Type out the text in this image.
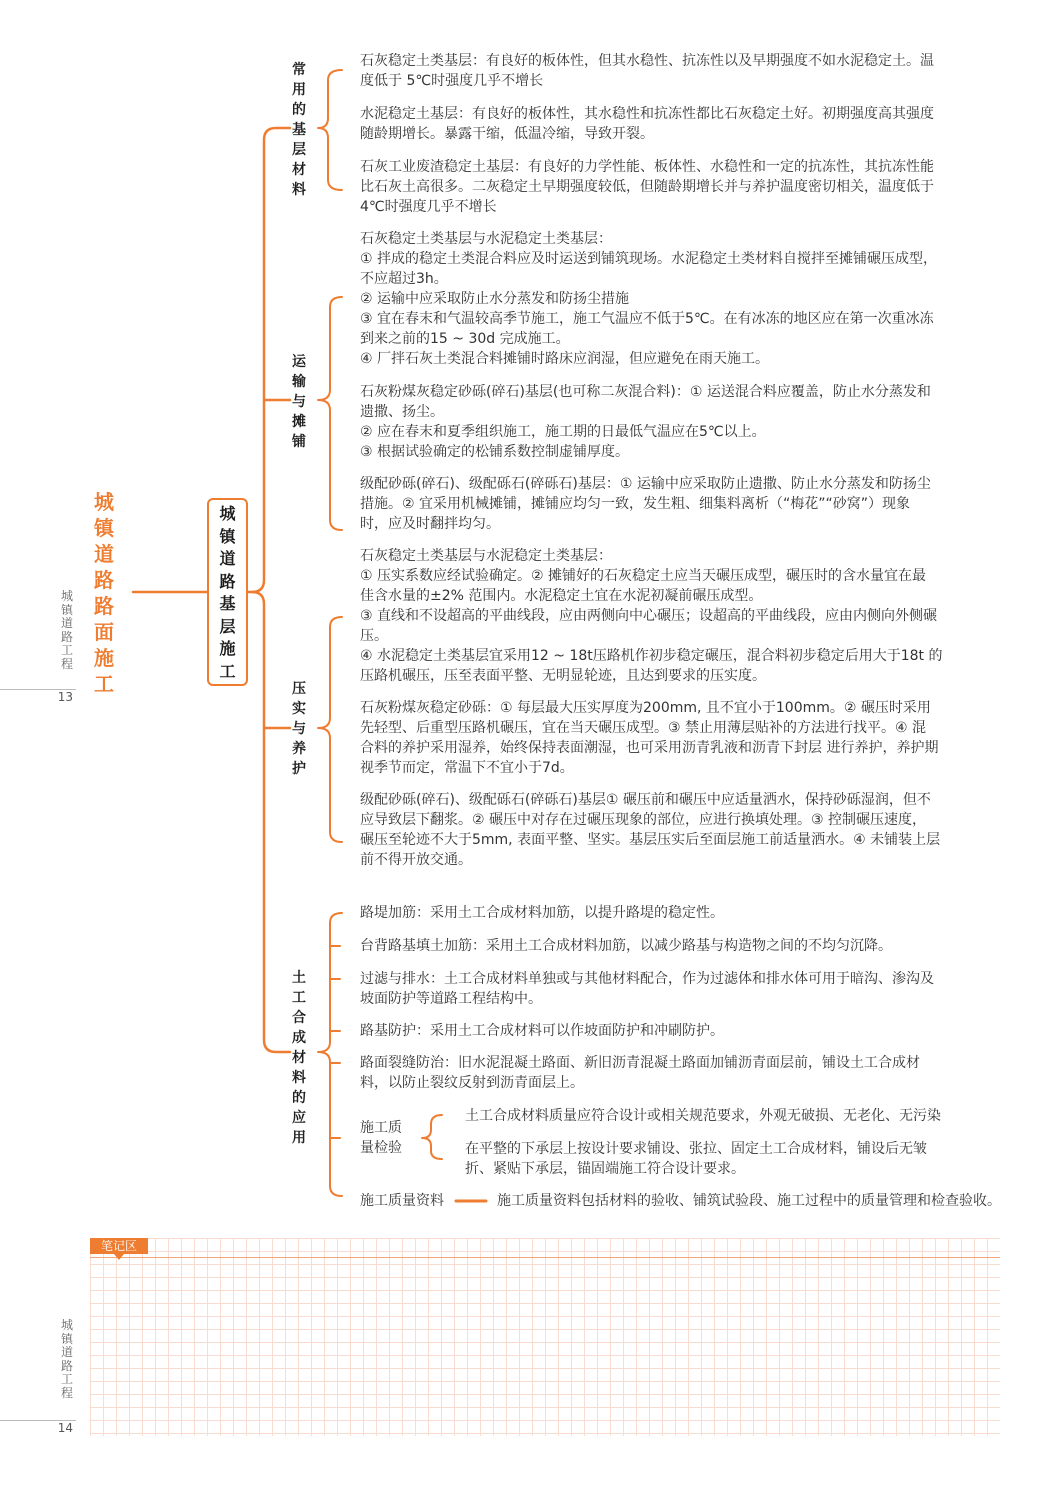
城镇道路工程
13
城镇道路工程
14
城镇道路路面施工
城镇道路基层施工
常用的基层材料
运输与摊铺
压实与养护
土工合成材料的应用
石灰稳定土类基层：有良好的板体性，但其水稳性、抗冻性以及早期强度不如水泥稳定土。温
度低于 5℃时强度几乎不增长
水泥稳定土基层：有良好的板体性，其水稳性和抗冻性都比石灰稳定土好。初期强度高其强度
随龄期增长。暴露干缩，低温冷缩，导致开裂。
石灰工业废渣稳定土基层：有良好的力学性能、板体性、水稳性和一定的抗冻性，其抗冻性能
比石灰土高很多。二灰稳定土早期强度较低，但随龄期增长并与养护温度密切相关，温度低于
4℃时强度几乎不增长
石灰稳定土类基层与水泥稳定土类基层：
① 拌成的稳定土类混合料应及时运送到铺筑现场。水泥稳定土类材料自搅拌至摊铺碾压成型，
不应超过3h。
② 运输中应采取防止水分蒸发和防扬尘措施
③ 宜在春末和气温较高季节施工，施工气温应不低于5℃。在有冰冻的地区应在第一次重冰冻
到来之前的15 ~ 30d 完成施工。
④ 厂拌石灰土类混合料摊铺时路床应润湿，但应避免在雨天施工。
石灰粉煤灰稳定砂砾(碎石)基层(也可称二灰混合料)：① 运送混合料应覆盖，防止水分蒸发和
遗撒、扬尘。
② 应在春末和夏季组织施工，施工期的日最低气温应在5℃以上。
③ 根据试验确定的松铺系数控制虚铺厚度。
级配砂砾(碎石)、级配砾石(碎砾石)基层：① 运输中应采取防止遗撒、防止水分蒸发和防扬尘
措施。② 宜采用机械摊铺，摊铺应均匀一致，发生粗、细集料离析（“梅花”“砂窝”）现象
时，应及时翻拌均匀。
石灰稳定土类基层与水泥稳定土类基层：
① 压实系数应经试验确定。② 摊铺好的石灰稳定土应当天碾压成型，碾压时的含水量宜在最
佳含水量的±2% 范围内。水泥稳定土宜在水泥初凝前碾压成型。
③ 直线和不设超高的平曲线段，应由两侧向中心碾压；设超高的平曲线段，应由内侧向外侧碾
压。
④ 水泥稳定土类基层宜采用12 ~ 18t压路机作初步稳定碾压，混合料初步稳定后用大于18t 的
压路机碾压，压至表面平整、无明显轮迹，且达到要求的压实度。
石灰粉煤灰稳定砂砾：① 每层最大压实厚度为200mm, 且不宜小于100mm。② 碾压时采用
先轻型、后重型压路机碾压，宜在当天碾压成型。③ 禁止用薄层贴补的方法进行找平。④ 混
合料的养护采用湿养，始终保持表面潮湿，也可采用沥青乳液和沥青下封层 进行养护，养护期
视季节而定，常温下不宜小于7d。
级配砂砾(碎石)、级配砾石(碎砾石)基层① 碾压前和碾压中应适量洒水，保持砂砾湿润，但不
应导致层下翻浆。② 碾压中对存在过碾压现象的部位，应进行换填处理。③ 控制碾压速度，
碾压至轮迹不大于5mm, 表面平整、坚实。基层压实后至面层施工前适量洒水。④ 未铺装上层
前不得开放交通。
路堤加筋：采用土工合成材料加筋，以提升路堤的稳定性。
台背路基填土加筋：采用土工合成材料加筋，以减少路基与构造物之间的不均匀沉降。
过滤与排水：土工合成材料单独或与其他材料配合，作为过滤体和排水体可用于暗沟、渗沟及
坡面防护等道路工程结构中。
路基防护：采用土工合成材料可以作坡面防护和冲刷防护。
路面裂缝防治：旧水泥混凝土路面、新旧沥青混凝土路面加铺沥青面层前，铺设土工合成材
料，以防止裂纹反射到沥青面层上。
施工质量检验
土工合成材料质量应符合设计或相关规范要求，外观无破损、无老化、无污染
在平整的下承层上按设计要求铺设、张拉、固定土工合成材料，铺设后无皱
折、紧贴下承层，锚固端施工符合设计要求。
施工质量资料	施工质量资料包括材料的验收、铺筑试验段、施工过程中的质量管理和检查验收。
笔记区
